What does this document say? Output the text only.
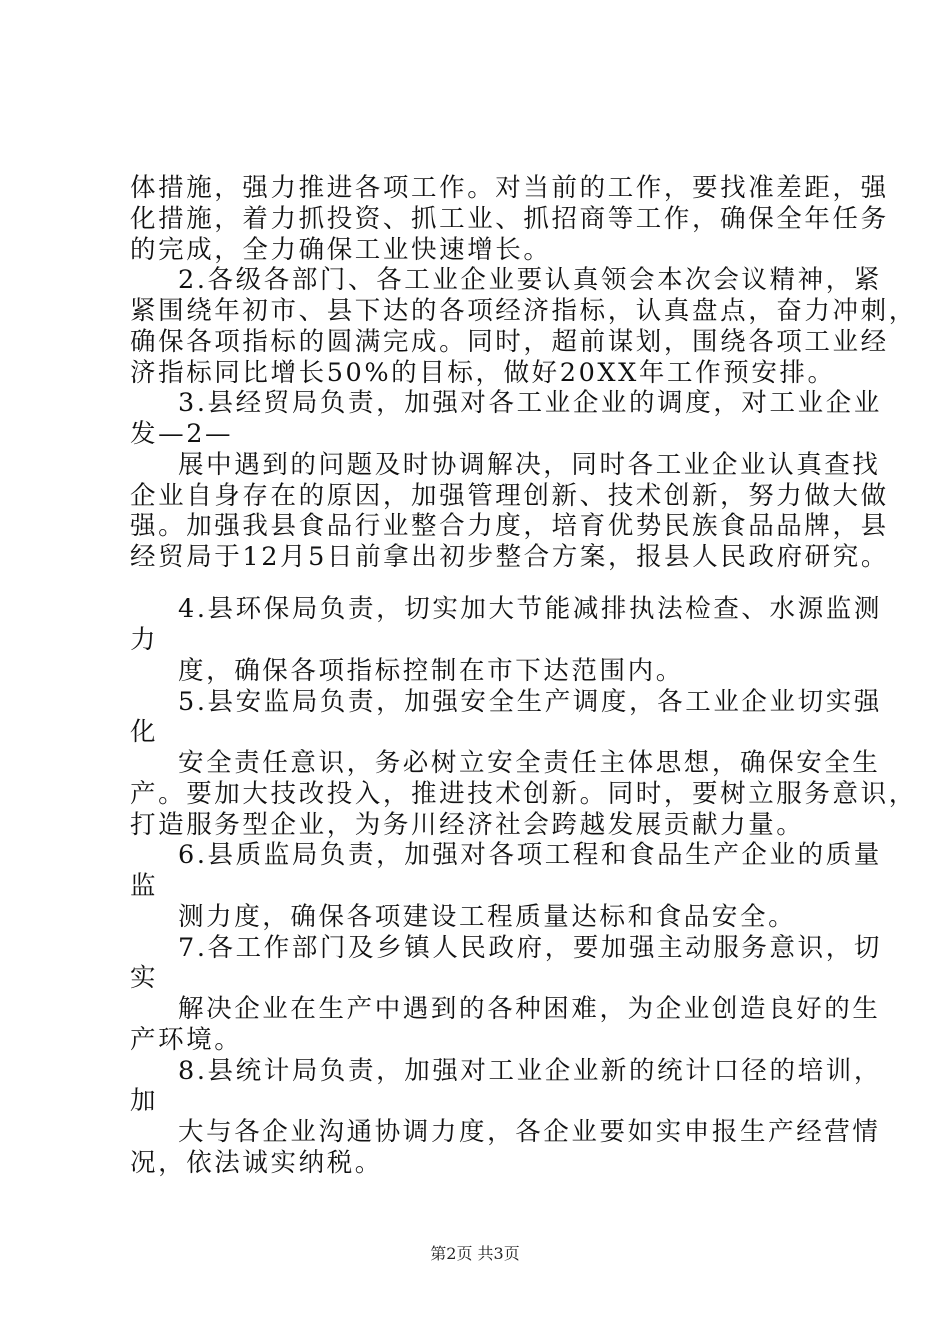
体措施，强力推进各项工作。对当前的工作，要找准差距，强
化措施，着力抓投资、抓工业、抓招商等工作，确保全年任务
的完成，全力确保工业快速增长。
2.各级各部门、各工业企业要认真领会本次会议精神，紧
紧围绕年初市、县下达的各项经济指标，认真盘点，奋力冲刺，
确保各项指标的圆满完成。同时，超前谋划，围绕各项工业经
济指标同比增长50%的目标，做好20XX年工作预安排。
3.县经贸局负责，加强对各工业企业的调度，对工业企业
发—2—
展中遇到的问题及时协调解决，同时各工业企业认真查找
企业自身存在的原因，加强管理创新、技术创新，努力做大做
强。加强我县食品行业整合力度，培育优势民族食品品牌，县
经贸局于12月5日前拿出初步整合方案，报县人民政府研究。
4.县环保局负责，切实加大节能减排执法检查、水源监测
力
度，确保各项指标控制在市下达范围内。
5.县安监局负责，加强安全生产调度，各工业企业切实强
化
安全责任意识，务必树立安全责任主体思想，确保安全生
产。要加大技改投入，推进技术创新。同时，要树立服务意识，
打造服务型企业，为务川经济社会跨越发展贡献力量。
6.县质监局负责，加强对各项工程和食品生产企业的质量
监
测力度，确保各项建设工程质量达标和食品安全。
7.各工作部门及乡镇人民政府，要加强主动服务意识，切
实
解决企业在生产中遇到的各种困难，为企业创造良好的生
产环境。
8.县统计局负责，加强对工业企业新的统计口径的培训，
加
大与各企业沟通协调力度，各企业要如实申报生产经营情
况，依法诚实纳税。
第2页 共3页
